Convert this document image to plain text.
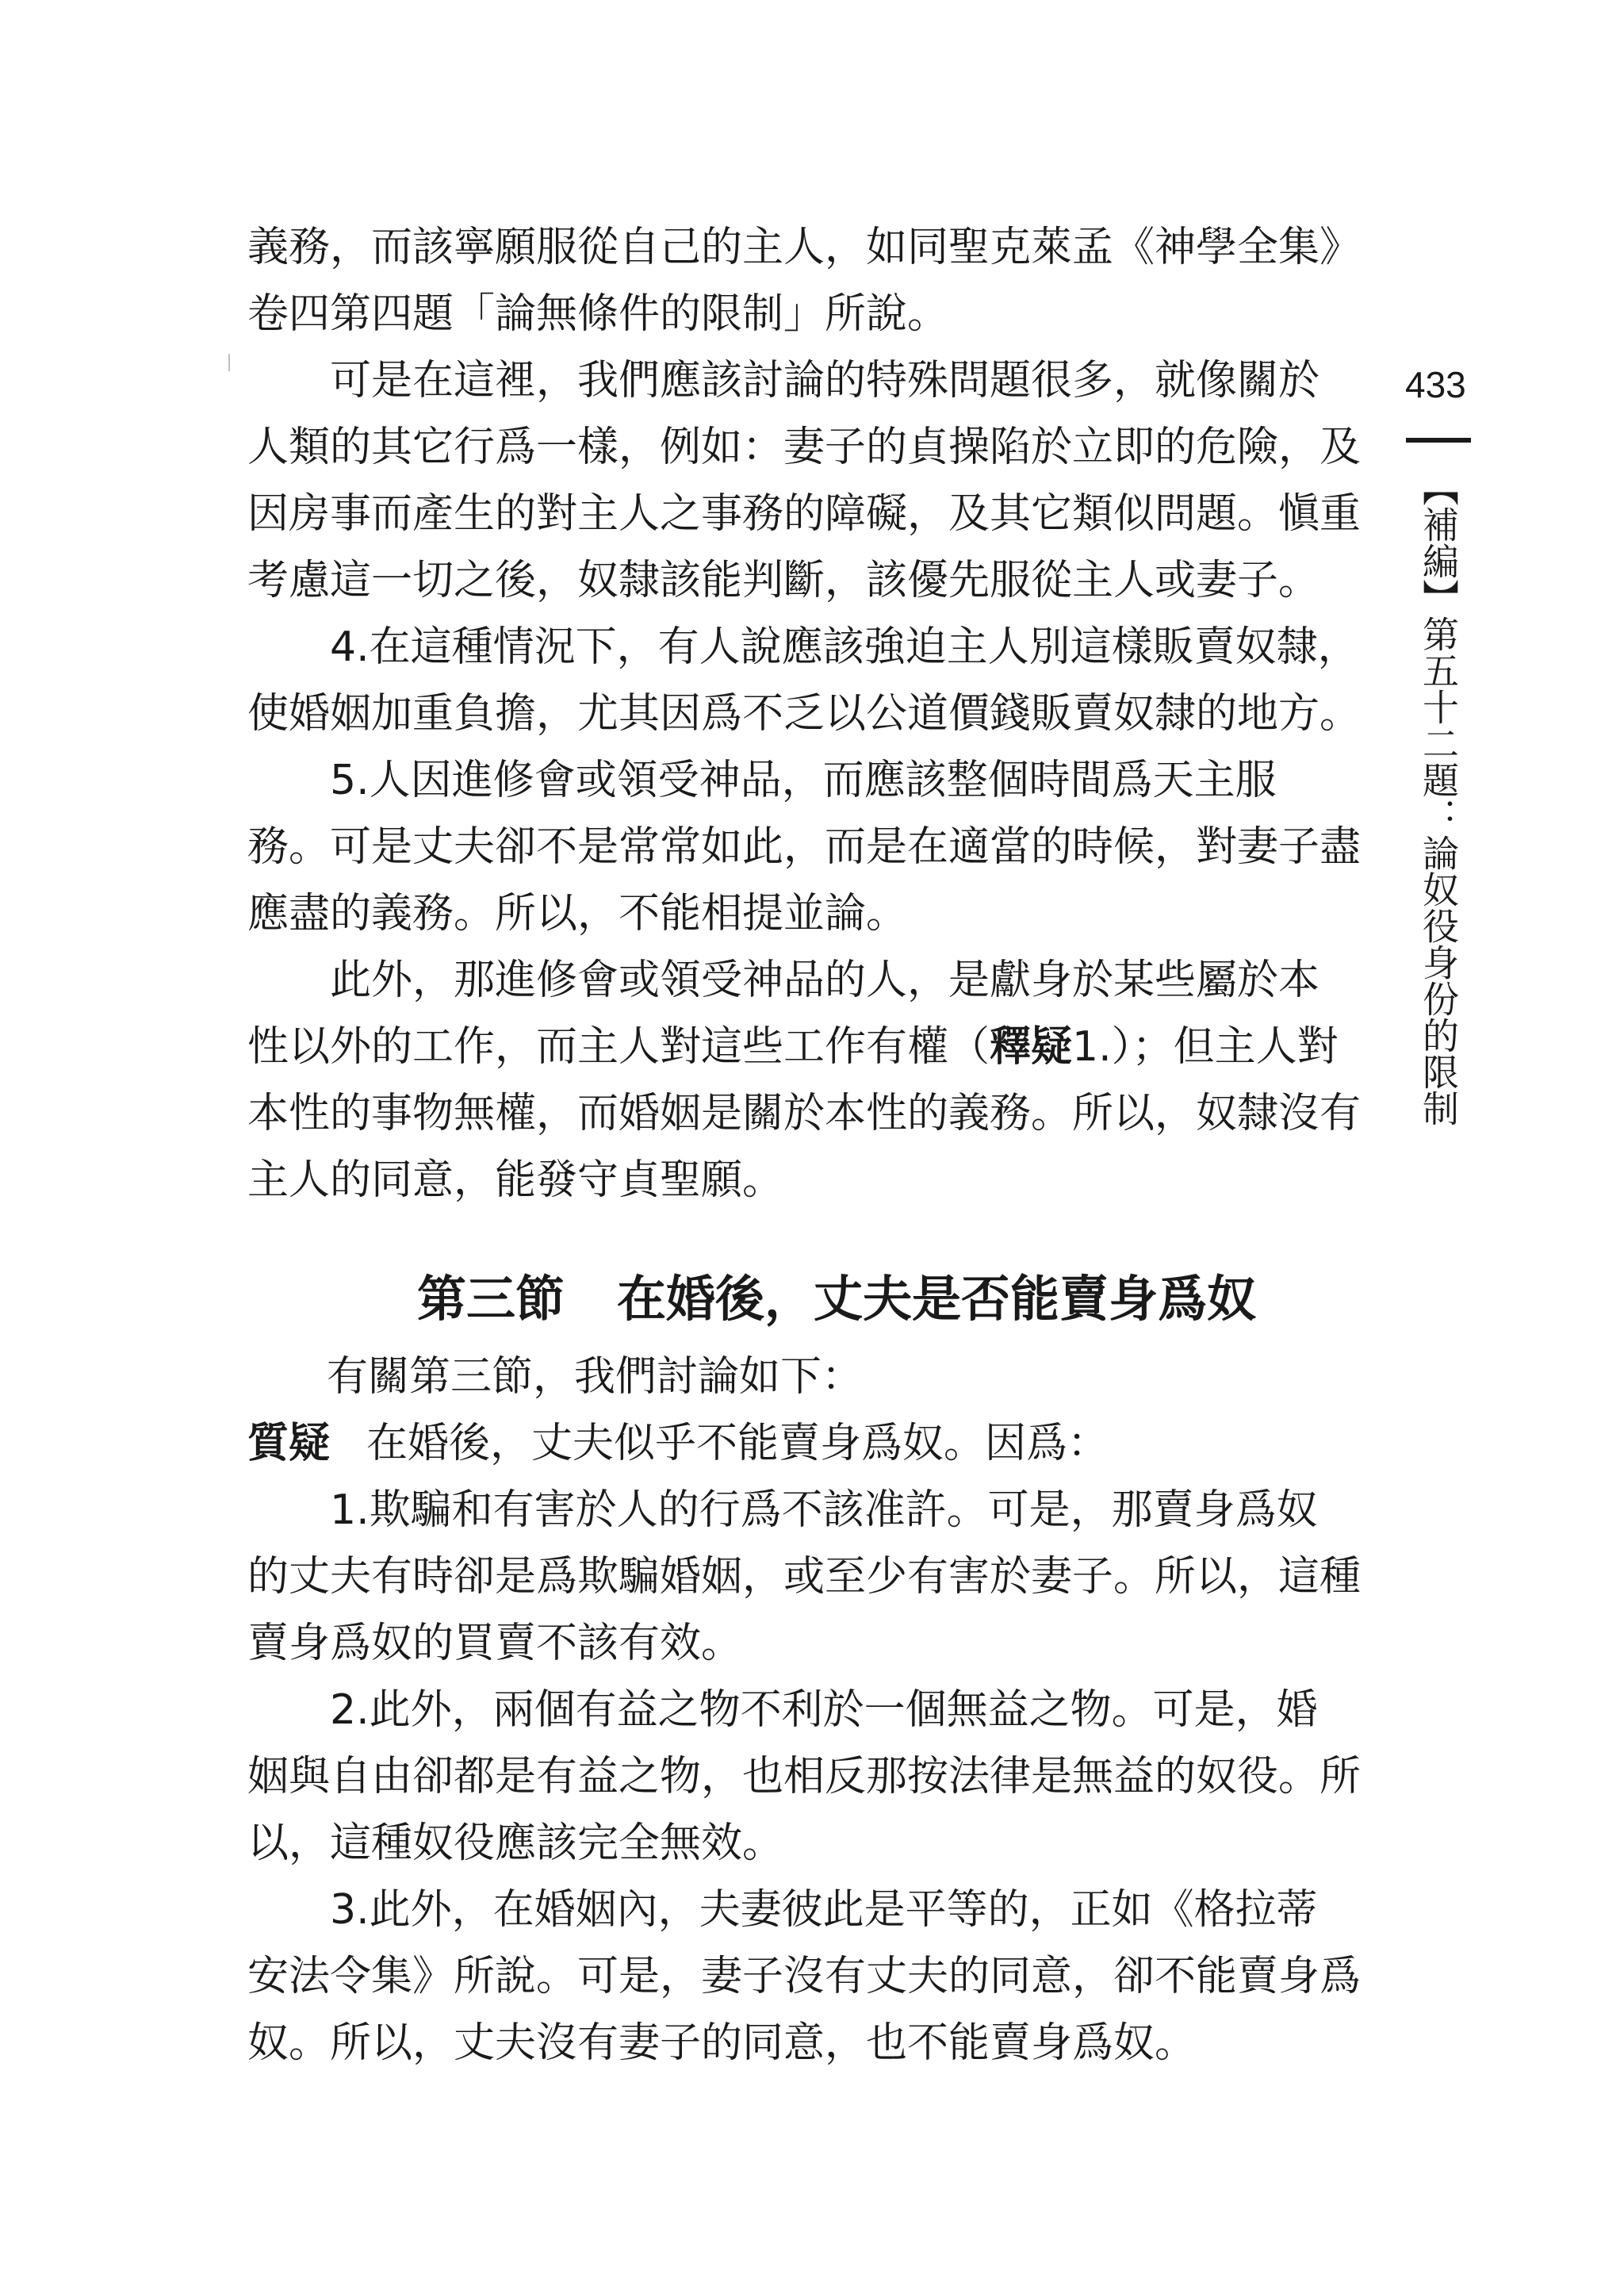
433
【補編】第五十二題：論奴役身份的限制
義務，而該寧願服從自己的主人，如同聖克萊孟《神學全集》
卷四第四題「論無條件的限制」所說。
可是在這裡，我們應該討論的特殊問題很多，就像關於
人類的其它行爲一樣，例如：妻子的貞操陷於立即的危險，及
因房事而產生的對主人之事務的障礙，及其它類似問題。愼重
考慮這一切之後，奴隸該能判斷，該優先服從主人或妻子。
4.在這種情況下，有人說應該強迫主人別這樣販賣奴隸，
使婚姻加重負擔，尤其因爲不乏以公道價錢販賣奴隸的地方。
5.人因進修會或領受神品，而應該整個時間爲天主服
務。可是丈夫卻不是常常如此，而是在適當的時候，對妻子盡
應盡的義務。所以，不能相提並論。
此外，那進修會或領受神品的人，是獻身於某些屬於本
性以外的工作，而主人對這些工作有權（釋疑1.）；但主人對
本性的事物無權，而婚姻是關於本性的義務。所以，奴隸沒有
主人的同意，能發守貞聖願。
第三節 在婚後，丈夫是否能賣身爲奴
有關第三節，我們討論如下：
質疑 在婚後，丈夫似乎不能賣身爲奴。因爲：
1.欺騙和有害於人的行爲不該准許。可是，那賣身爲奴
的丈夫有時卻是爲欺騙婚姻，或至少有害於妻子。所以，這種
賣身爲奴的買賣不該有效。
2.此外，兩個有益之物不利於一個無益之物。可是，婚
姻與自由卻都是有益之物，也相反那按法律是無益的奴役。所
以，這種奴役應該完全無效。
3.此外，在婚姻內，夫妻彼此是平等的，正如《格拉蒂
安法令集》所說。可是，妻子沒有丈夫的同意，卻不能賣身爲
奴。所以，丈夫沒有妻子的同意，也不能賣身爲奴。
